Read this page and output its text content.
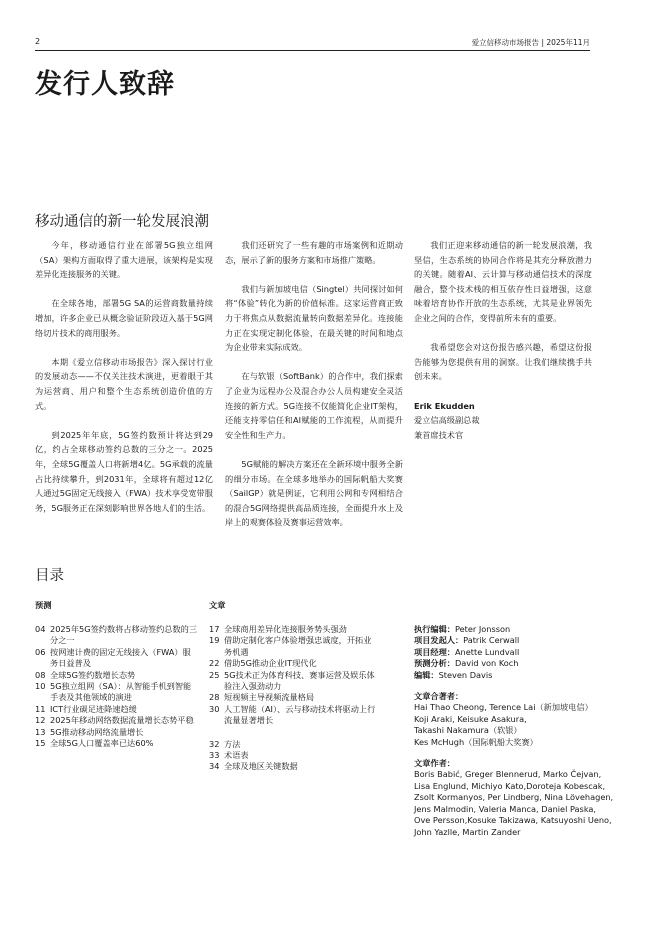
2	爱立信移动市场报告 | 2025年11月
发行人致辞
移动通信的新一轮发展浪潮

今年，移动通信行业在部署5G独立组网（SA）架构方面取得了重大进展，该架构是实现差异化连接服务的关键。

在全球各地，部署5G SA的运营商数量持续增加，许多企业已从概念验证阶段迈入基于5G网络切片技术的商用服务。

本期《爱立信移动市场报告》深入探讨行业的发展动态——不仅关注技术演进，更着眼于其为运营商、用户和整个生态系统创造价值的方式。

到2025年年底，5G签约数预计将达到29亿，约占全球移动签约总数的三分之一。2025年，全球5G覆盖人口将新增4亿。5G承载的流量占比持续攀升，到2031年，全球将有超过12亿人通过5G固定无线接入（FWA）技术享受宽带服务，5G服务正在深刻影响世界各地人们的生活。

我们还研究了一些有趣的市场案例和近期动态，展示了新的服务方案和市场推广策略。

我们与新加坡电信（Singtel）共同探讨如何将“体验”转化为新的价值标准。这家运营商正致力于将焦点从数据流量转向数据差异化。连接能力正在实现定制化体验，在最关键的时间和地点为企业带来实际成效。

在与软银（SoftBank）的合作中，我们探索了企业为远程办公及混合办公人员构建安全灵活连接的新方式。5G连接不仅能简化企业IT架构，还能支持零信任和AI赋能的工作流程，从而提升安全性和生产力。

5G赋能的解决方案还在全新环境中服务全新的细分市场。在全球多地举办的国际帆船大奖赛（SailGP）就是例证，它利用公网和专网相结合的混合5G网络提供高品质连接，全面提升水上及岸上的观赛体验及赛事运营效率。

我们正迎来移动通信的新一轮发展浪潮，我坚信，生态系统的协同合作将是其充分释放潜力的关键。随着AI、云计算与移动通信技术的深度融合，整个技术栈的相互依存性日益增强，这意味着培育协作开放的生态系统，尤其是业界领先企业之间的合作，变得前所未有的重要。

我希望您会对这份报告感兴趣，希望这份报告能够为您提供有用的洞察。让我们继续携手共创未来。

Erik Ekudden
爱立信高级副总裁
兼首席技术官
目录
预测	文章
04 2025年5G签约数将占移动签约总数的三分之一
06 按网速计费的固定无线接入（FWA）服务日益普及
08 全球5G签约数增长态势
10 5G独立组网（SA）：从智能手机到智能手表及其他领域的演进
11 ICT行业碳足迹降速趋缓
12 2025年移动网络数据流量增长态势平稳
13 5G推动移动网络流量增长
15 全球5G人口覆盖率已达60%
17 全球商用差异化连接服务势头强劲
19 借助定制化客户体验增强忠诚度，开拓业务机遇
22 借助5G推动企业IT现代化
25 5G技术正为体育科技、赛事运营及娱乐体验注入强劲动力
28 短视频主导视频流量格局
30 人工智能（AI）、云与移动技术将驱动上行流量显著增长
32 方法
33 术语表
34 全球及地区关键数据
执行编辑：Peter Jonsson
项目发起人：Patrik Cerwall
项目经理：Anette Lundvall
预测分析：David von Koch
编辑：Steven Davis
文章合著者：
Hai Thao Cheong, Terence Lai（新加坡电信）
Koji Araki, Keisuke Asakura,
Takashi Nakamura（软银）
Kes McHugh（国际帆船大奖赛）
文章作者：
Boris Babić, Greger Blennerud, Marko Čejvan, Lisa Englund, Michiyo Kato,Doroteja Kobescak, Zsolt Kormanyos, Per Lindberg, Nina Lövehagen, Jens Malmodin, Valeria Manca, Daniel Paska, Ove Persson,Kosuke Takizawa, Katsuyoshi Ueno, John Yazlle, Martin Zander
